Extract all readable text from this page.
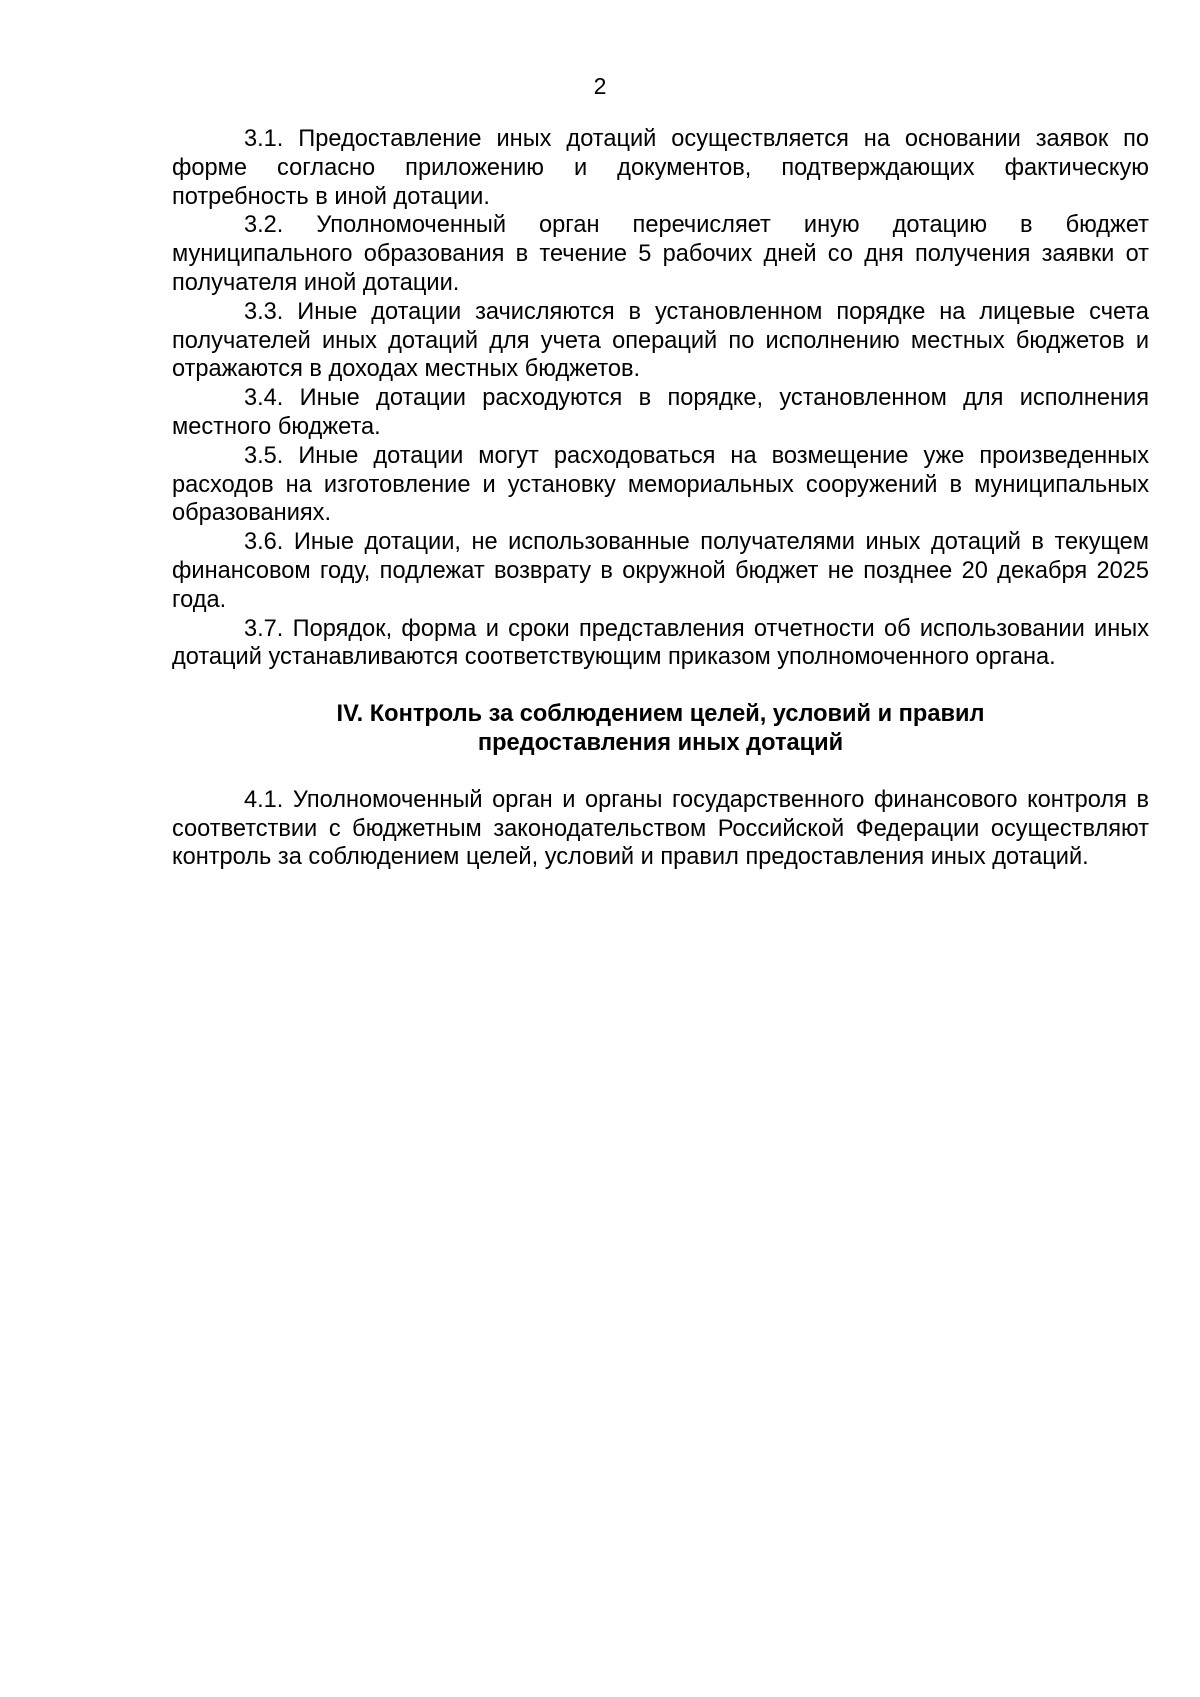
2

3.1. Предоставление иных дотаций осуществляется на основании заявок по форме согласно приложению и документов, подтверждающих фактическую потребность в иной дотации.

3.2. Уполномоченный орган перечисляет иную дотацию в бюджет муниципального образования в течение 5 рабочих дней со дня получения заявки от получателя иной дотации.

3.3. Иные дотации зачисляются в установленном порядке на лицевые счета получателей иных дотаций для учета операций по исполнению местных бюджетов и отражаются в доходах местных бюджетов.

3.4. Иные дотации расходуются в порядке, установленном для исполнения местного бюджета.

3.5. Иные дотации могут расходоваться на возмещение уже произведенных расходов на изготовление и установку мемориальных сооружений в муниципальных образованиях.

3.6. Иные дотации, не использованные получателями иных дотаций в текущем финансовом году, подлежат возврату в окружной бюджет не позднее 20 декабря 2025 года.

3.7. Порядок, форма и сроки представления отчетности об использовании иных дотаций устанавливаются соответствующим приказом уполномоченного органа.

IV. Контроль за соблюдением целей, условий и правил
предоставления иных дотаций

4.1. Уполномоченный орган и органы государственного финансового контроля в соответствии с бюджетным законодательством Российской Федерации осуществляют контроль за соблюдением целей, условий и правил предоставления иных дотаций.
